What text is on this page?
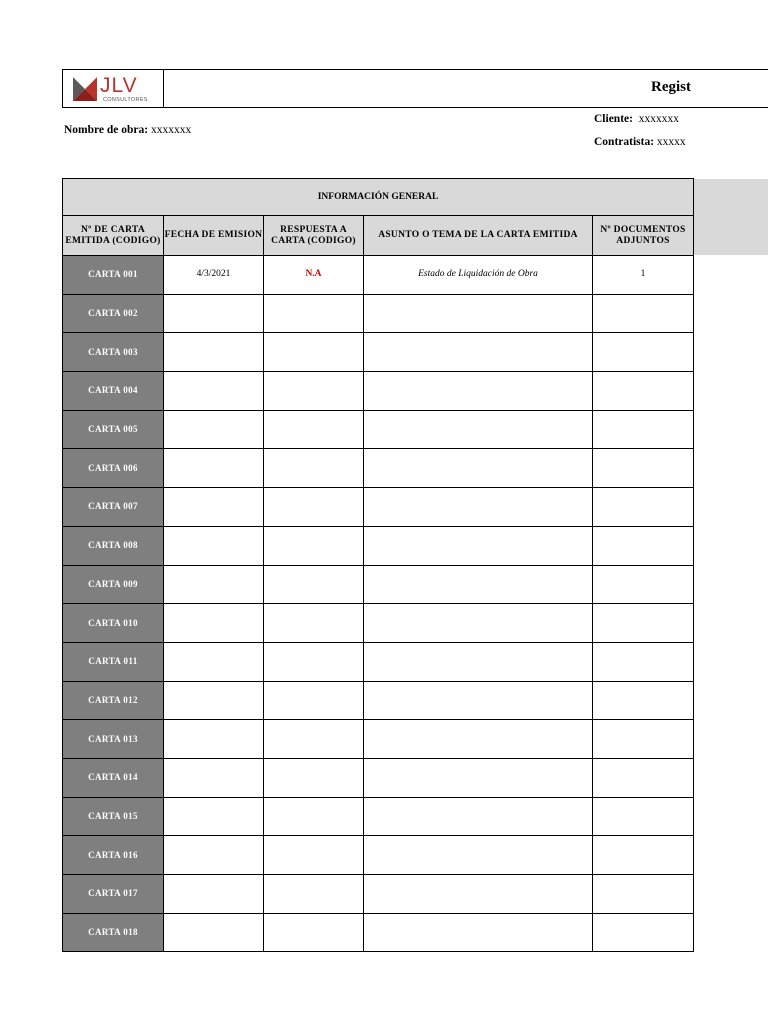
JLV
CONSULTORES
Regist
Cliente: xxxxxxx
Contratista: xxxxx
Nombre de obra: xxxxxxx
INFORMACIÓN GENERAL				
Nº DE CARTA EMITIDA (CODIGO)	FECHA DE EMISION	RESPUESTA A CARTA (CODIGO)	ASUNTO O TEMA DE LA CARTA EMITIDA	Nº DOCUMENTOS ADJUNTOS
CARTA 001	4/3/2021	N.A	Estado de Liquidación de Obra	1
CARTA 002				
CARTA 003				
CARTA 004				
CARTA 005				
CARTA 006				
CARTA 007				
CARTA 008				
CARTA 009				
CARTA 010				
CARTA 011				
CARTA 012				
CARTA 013				
CARTA 014				
CARTA 015				
CARTA 016				
CARTA 017				
CARTA 018				
